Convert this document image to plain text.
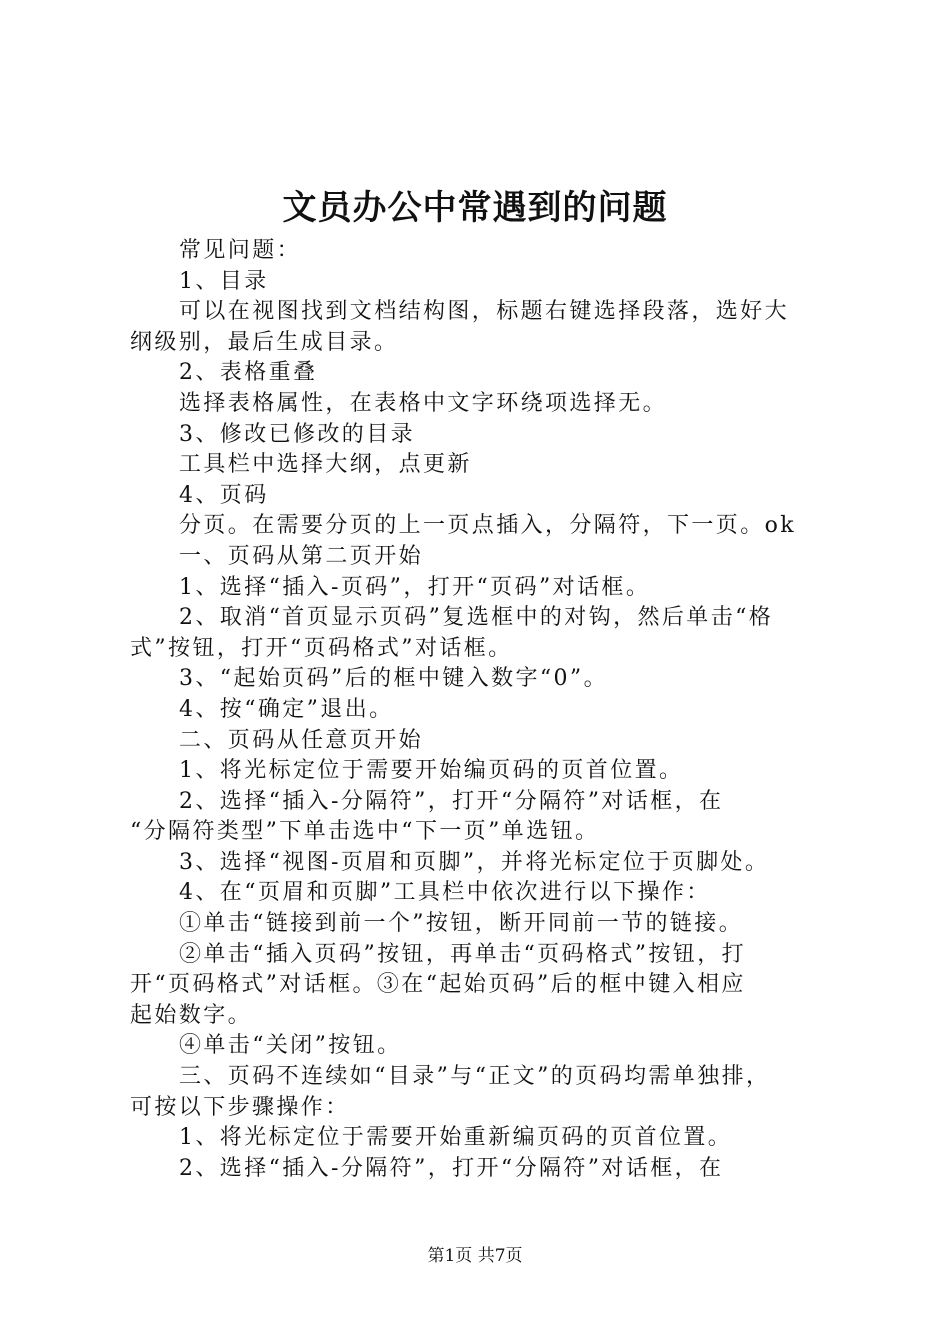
文员办公中常遇到的问题

常见问题：

1、目录

可以在视图找到文档结构图，标题右键选择段落，选好大

纲级别，最后生成目录。

2、表格重叠

选择表格属性，在表格中文字环绕项选择无。

3、修改已修改的目录

工具栏中选择大纲，点更新

4、页码

分页。在需要分页的上一页点插入，分隔符，下一页。ok

一、页码从第二页开始

1、选择“插入-页码”，打开“页码”对话框。

2、取消“首页显示页码”复选框中的对钩，然后单击“格

式”按钮，打开“页码格式”对话框。

3、“起始页码”后的框中键入数字“0”。

4、按“确定”退出。

二、页码从任意页开始

1、将光标定位于需要开始编页码的页首位置。

2、选择“插入-分隔符”，打开“分隔符”对话框，在

“分隔符类型”下单击选中“下一页”单选钮。

3、选择“视图-页眉和页脚”，并将光标定位于页脚处。

4、在“页眉和页脚”工具栏中依次进行以下操作：

①单击“链接到前一个”按钮，断开同前一节的链接。

②单击“插入页码”按钮，再单击“页码格式”按钮，打

开“页码格式”对话框。③在“起始页码”后的框中键入相应

起始数字。

④单击“关闭”按钮。

三、页码不连续如“目录”与“正文”的页码均需单独排，

可按以下步骤操作：

1、将光标定位于需要开始重新编页码的页首位置。

2、选择“插入-分隔符”，打开“分隔符”对话框，在

第1页 共7页
